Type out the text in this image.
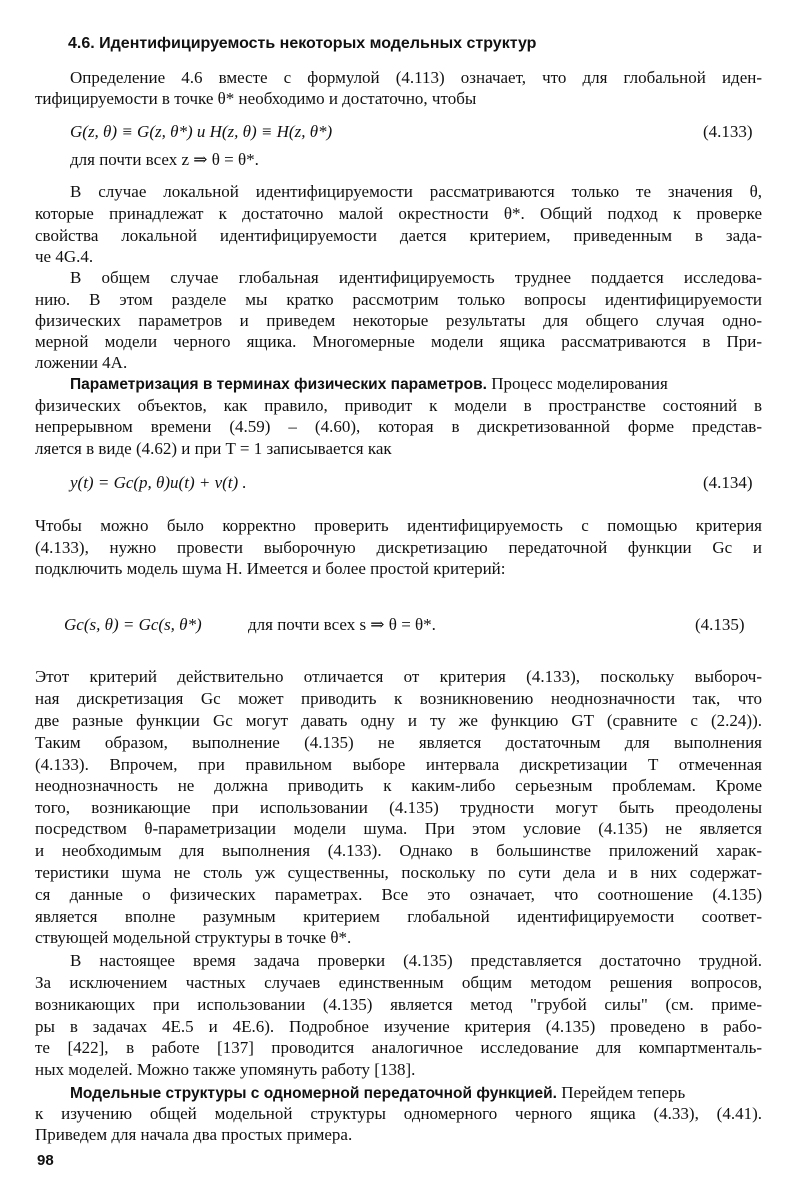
4.6. Идентифицируемость некоторых модельных структур
Определение 4.6 вместе с формулой (4.113) означает, что для глобальной иден-
тифицируемости в точке θ* необходимо и достаточно, чтобы
G(z, θ) ≡ G(z, θ*) и H(z, θ) ≡ H(z, θ*)	(4.133)
для почти всех z ⇒ θ = θ*.
В случае локальной идентифицируемости рассматриваются только те значения θ,
которые принадлежат к достаточно малой окрестности θ*. Общий подход к проверке
свойства локальной идентифицируемости дается критерием, приведенным в зада-
че 4G.4.
В общем случае глобальная идентифицируемость труднее поддается исследова-
нию. В этом разделе мы кратко рассмотрим только вопросы идентифицируемости
физических параметров и приведем некоторые результаты для общего случая одно-
мерной модели черного ящика. Многомерные модели ящика рассматриваются в При-
ложении 4А.
Параметризация в терминах физических параметров. Процесс моделирования
физических объектов, как правило, приводит к модели в пространстве состояний в
непрерывном времени (4.59) – (4.60), которая в дискретизованной форме представ-
ляется в виде (4.62) и при T = 1 записывается как
y(t) = Gc(p, θ)u(t) + v(t) .	(4.134)
Чтобы можно было корректно проверить идентифицируемость с помощью критерия
(4.133), нужно провести выборочную дискретизацию передаточной функции Gc и
подключить модель шума H. Имеется и более простой критерий:
Gc(s, θ) = Gc(s, θ*)	для почти всех s ⇒ θ = θ*.	(4.135)
Этот критерий действительно отличается от критерия (4.133), поскольку выбороч-
ная дискретизация Gc может приводить к возникновению неоднозначности так, что
две разные функции Gc могут давать одну и ту же функцию GT (сравните с (2.24)).
Таким образом, выполнение (4.135) не является достаточным для выполнения
(4.133). Впрочем, при правильном выборе интервала дискретизации T отмеченная
неоднозначность не должна приводить к каким-либо серьезным проблемам. Кроме
того, возникающие при использовании (4.135) трудности могут быть преодолены
посредством θ-параметризации модели шума. При этом условие (4.135) не является
и необходимым для выполнения (4.133). Однако в большинстве приложений харак-
теристики шума не столь уж существенны, поскольку по сути дела и в них содержат-
ся данные о физических параметрах. Все это означает, что соотношение (4.135)
является вполне разумным критерием глобальной идентифицируемости соответ-
ствующей модельной структуры в точке θ*.
В настоящее время задача проверки (4.135) представляется достаточно трудной.
За исключением частных случаев единственным общим методом решения вопросов,
возникающих при использовании (4.135) является метод "грубой силы" (см. приме-
ры в задачах 4Е.5 и 4Е.6). Подробное изучение критерия (4.135) проведено в рабо-
те [422], в работе [137] проводится аналогичное исследование для компартменталь-
ных моделей. Можно также упомянуть работу [138].
Модельные структуры с одномерной передаточной функцией. Перейдем теперь
к изучению общей модельной структуры одномерного черного ящика (4.33), (4.41).
Приведем для начала два простых примера.
98
